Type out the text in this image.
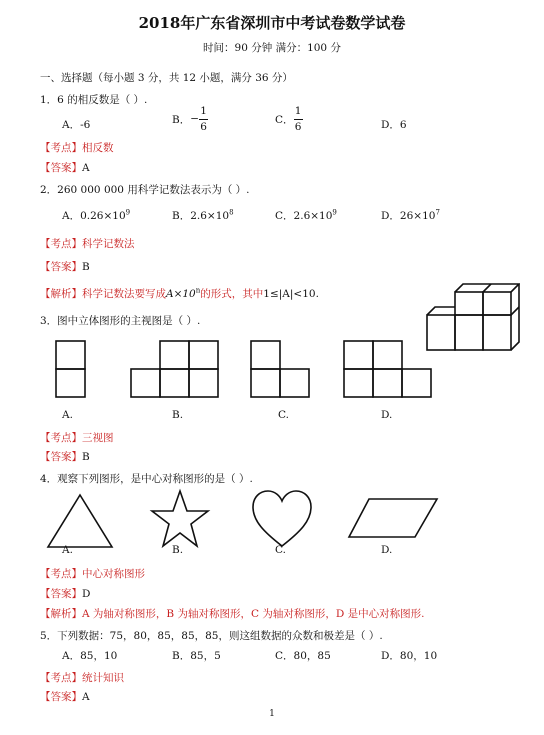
2018年广东省深圳市中考试卷数学试卷
时间：90 分钟 满分：100 分
一、选择题（每小题 3 分，共 12 小题，满分 36 分）
1．6 的相反数是（ ）.
A．-6	B． − $\frac{1}{6}$	C． $\frac{1}{6}$	D．6
【考点】相反数
【答案】A
2．260 000 000 用科学记数法表示为（ ）.
A．$0.26\times 10^9$	B．$2.6\times 10^8$	C．$2.6\times 10^9$	D．$26\times 10^7$
【考点】科学记数法
【答案】B
【解析】科学记数法要写成$A\times 10^n$的形式，其中1≤|A|<10.
3．图中立体图形的主视图是（ ）.
A.	B.	C.	D.
【考点】三视图
【答案】B
4．观察下列图形，是中心对称图形的是（ ）.
A.	B.	C.	D.
【考点】中心对称图形
【答案】D
【解析】A 为轴对称图形，B 为轴对称图形，C 为轴对称图形，D 是中心对称图形.
5．下列数据：75，80，85，85，85，则这组数据的众数和极差是（ ）.
A．85，10	B．85，5	C．80，85	D．80，10
【考点】统计知识
【答案】A
1
